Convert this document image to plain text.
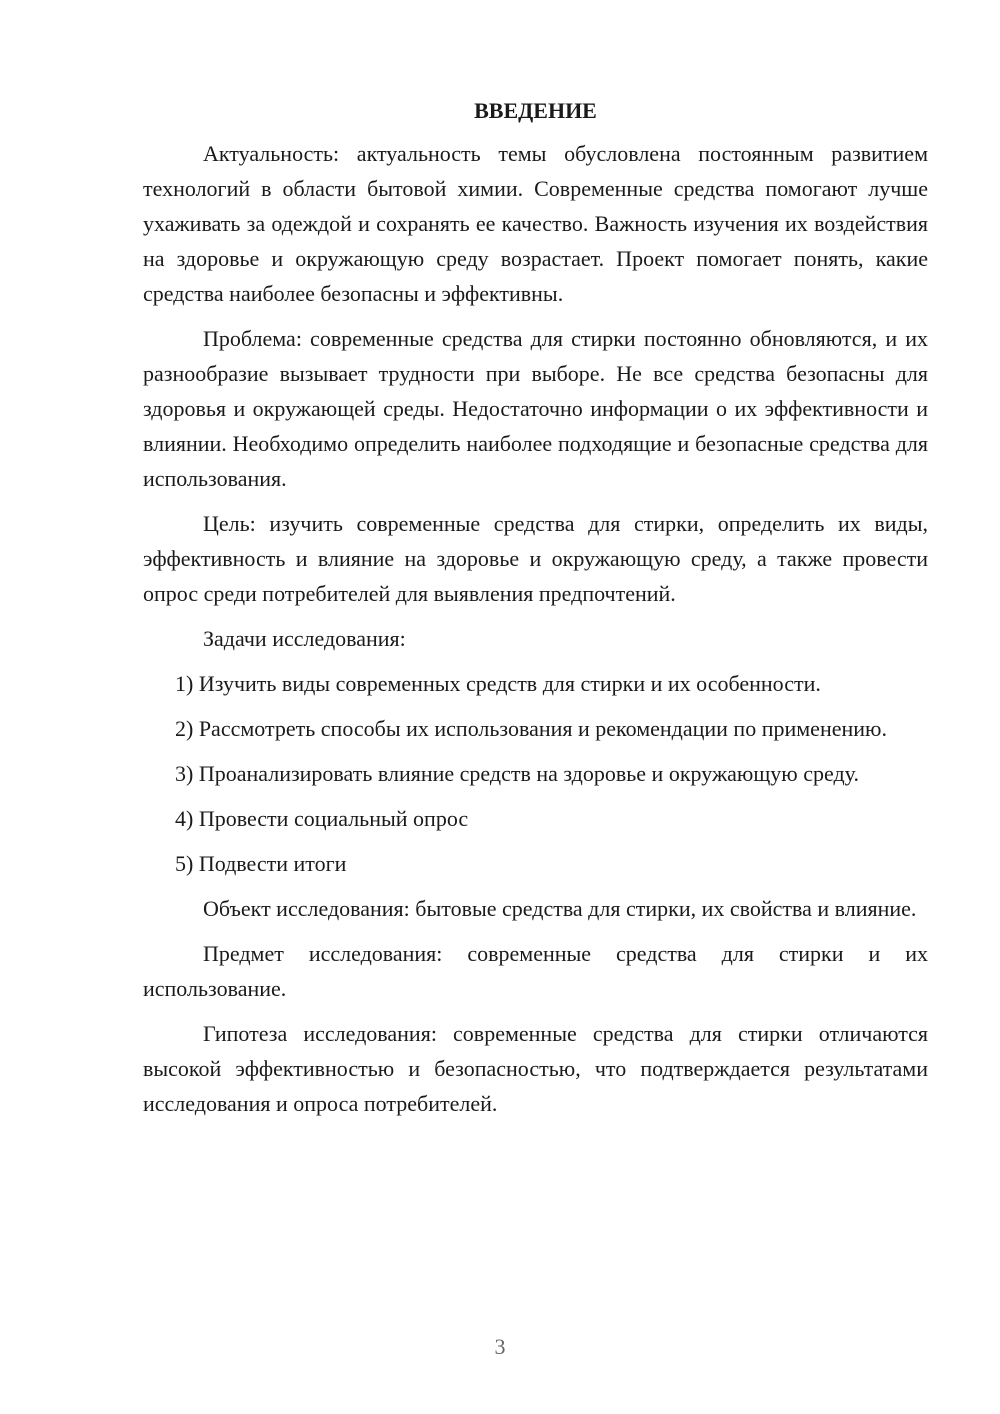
ВВЕДЕНИЕ

Актуальность: актуальность темы обусловлена постоянным развитием технологий в области бытовой химии. Современные средства помогают лучше ухаживать за одеждой и сохранять ее качество. Важность изучения их воздействия на здоровье и окружающую среду возрастает. Проект помогает понять, какие средства наиболее безопасны и эффективны.

Проблема: современные средства для стирки постоянно обновляются, и их разнообразие вызывает трудности при выборе. Не все средства безопасны для здоровья и окружающей среды. Недостаточно информации о их эффективности и влиянии. Необходимо определить наиболее подходящие и безопасные средства для использования.

Цель: изучить современные средства для стирки, определить их виды, эффективность и влияние на здоровье и окружающую среду, а также провести опрос среди потребителей для выявления предпочтений.

Задачи исследования:

1) Изучить виды современных средств для стирки и их особенности.

2) Рассмотреть способы их использования и рекомендации по применению.

3) Проанализировать влияние средств на здоровье и окружающую среду.

4) Провести социальный опрос

5) Подвести итоги

Объект исследования: бытовые средства для стирки, их свойства и влияние.

Предмет исследования: современные средства для стирки и их использование.

Гипотеза исследования: современные средства для стирки отличаются высокой эффективностью и безопасностью, что подтверждается результатами исследования и опроса потребителей.

3
